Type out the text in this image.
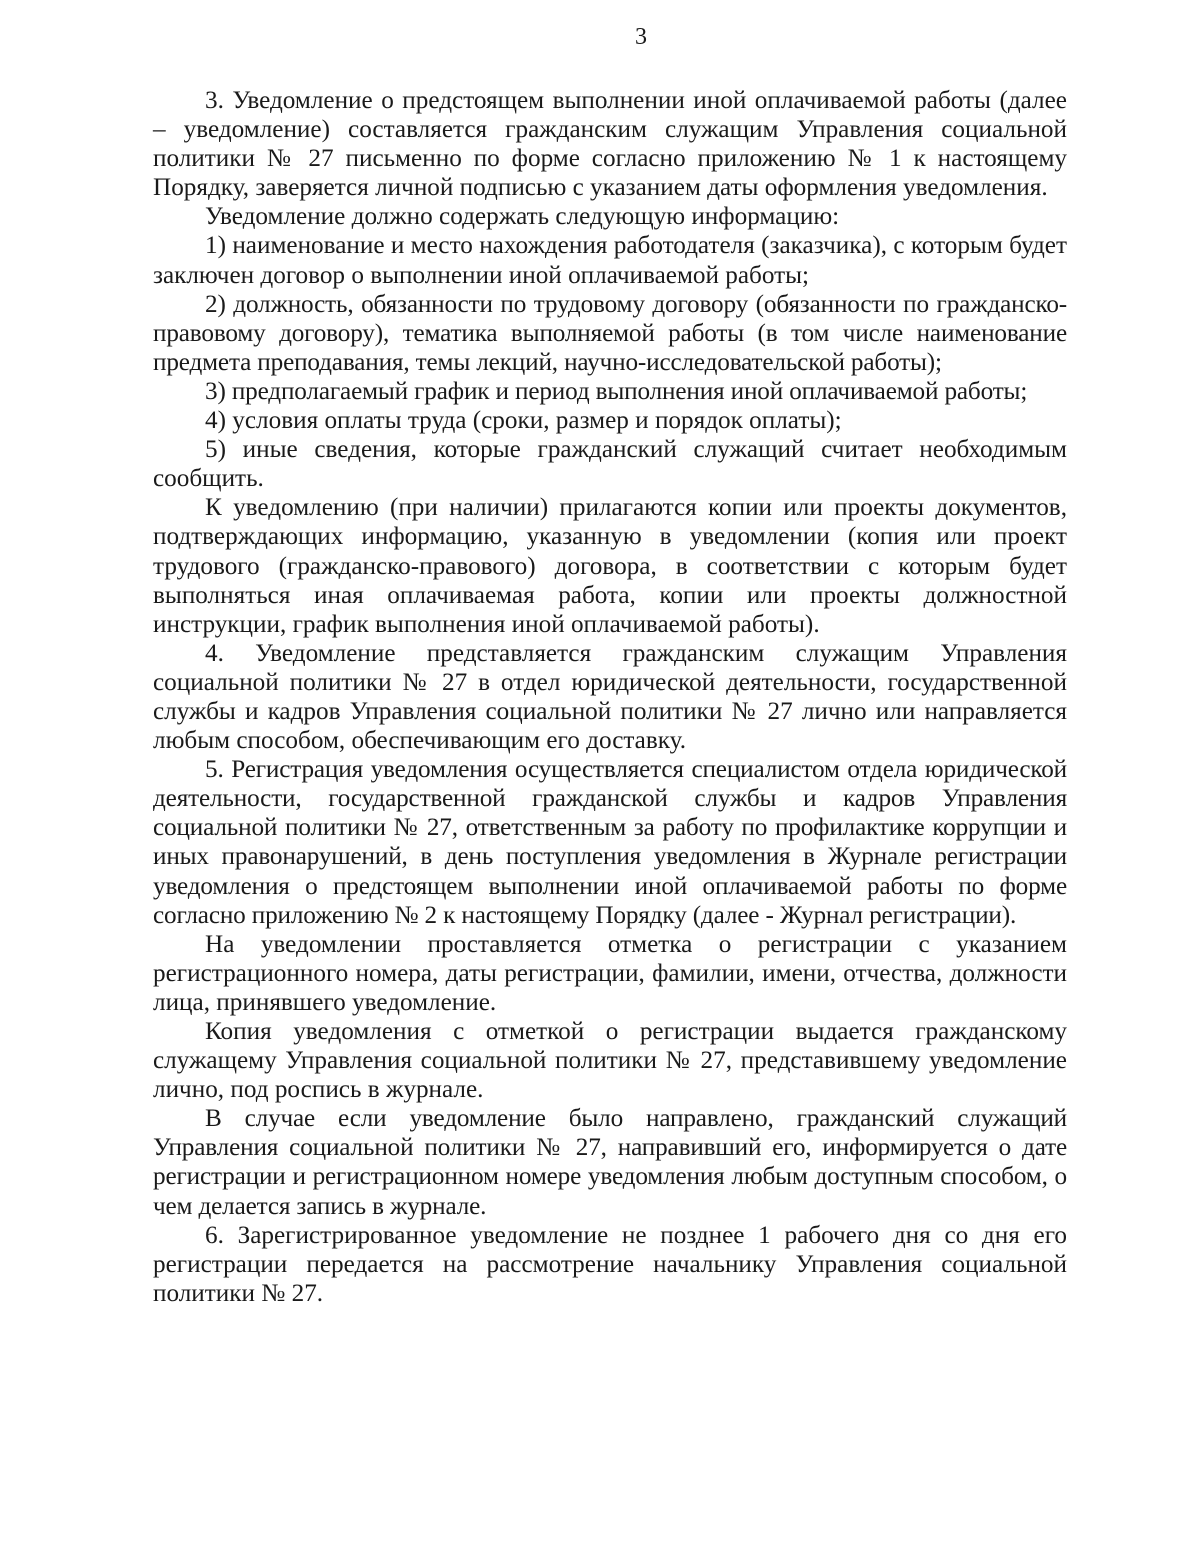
3

3. Уведомление о предстоящем выполнении иной оплачиваемой работы (далее – уведомление) составляется гражданским служащим Управления социальной политики № 27 письменно по форме согласно приложению № 1 к настоящему Порядку, заверяется личной подписью с указанием даты оформления уведомления.

Уведомление должно содержать следующую информацию:

1) наименование и место нахождения работодателя (заказчика), с которым будет заключен договор о выполнении иной оплачиваемой работы;

2) должность, обязанности по трудовому договору (обязанности по гражданско-правовому договору), тематика выполняемой работы (в том числе наименование предмета преподавания, темы лекций, научно-исследовательской работы);

3) предполагаемый график и период выполнения иной оплачиваемой работы;

4) условия оплаты труда (сроки, размер и порядок оплаты);

5) иные сведения, которые гражданский служащий считает необходимым сообщить.

К уведомлению (при наличии) прилагаются копии или проекты документов, подтверждающих информацию, указанную в уведомлении (копия или проект трудового (гражданско-правового) договора, в соответствии с которым будет выполняться иная оплачиваемая работа, копии или проекты должностной инструкции, график выполнения иной оплачиваемой работы).

4. Уведомление представляется гражданским служащим Управления социальной политики № 27 в отдел юридической деятельности, государственной службы и кадров Управления социальной политики № 27 лично или направляется любым способом, обеспечивающим его доставку.

5. Регистрация уведомления осуществляется специалистом отдела юридической деятельности, государственной гражданской службы и кадров Управления социальной политики № 27, ответственным за работу по профилактике коррупции и иных правонарушений, в день поступления уведомления в Журнале регистрации уведомления о предстоящем выполнении иной оплачиваемой работы по форме согласно приложению № 2 к настоящему Порядку (далее - Журнал регистрации).

На уведомлении проставляется отметка о регистрации с указанием регистрационного номера, даты регистрации, фамилии, имени, отчества, должности лица, принявшего уведомление.

Копия уведомления с отметкой о регистрации выдается гражданскому служащему Управления социальной политики № 27, представившему уведомление лично, под роспись в журнале.

В случае если уведомление было направлено, гражданский служащий Управления социальной политики № 27, направивший его, информируется о дате регистрации и регистрационном номере уведомления любым доступным способом, о чем делается запись в журнале.

6. Зарегистрированное уведомление не позднее 1 рабочего дня со дня его регистрации передается на рассмотрение начальнику Управления социальной политики № 27.
